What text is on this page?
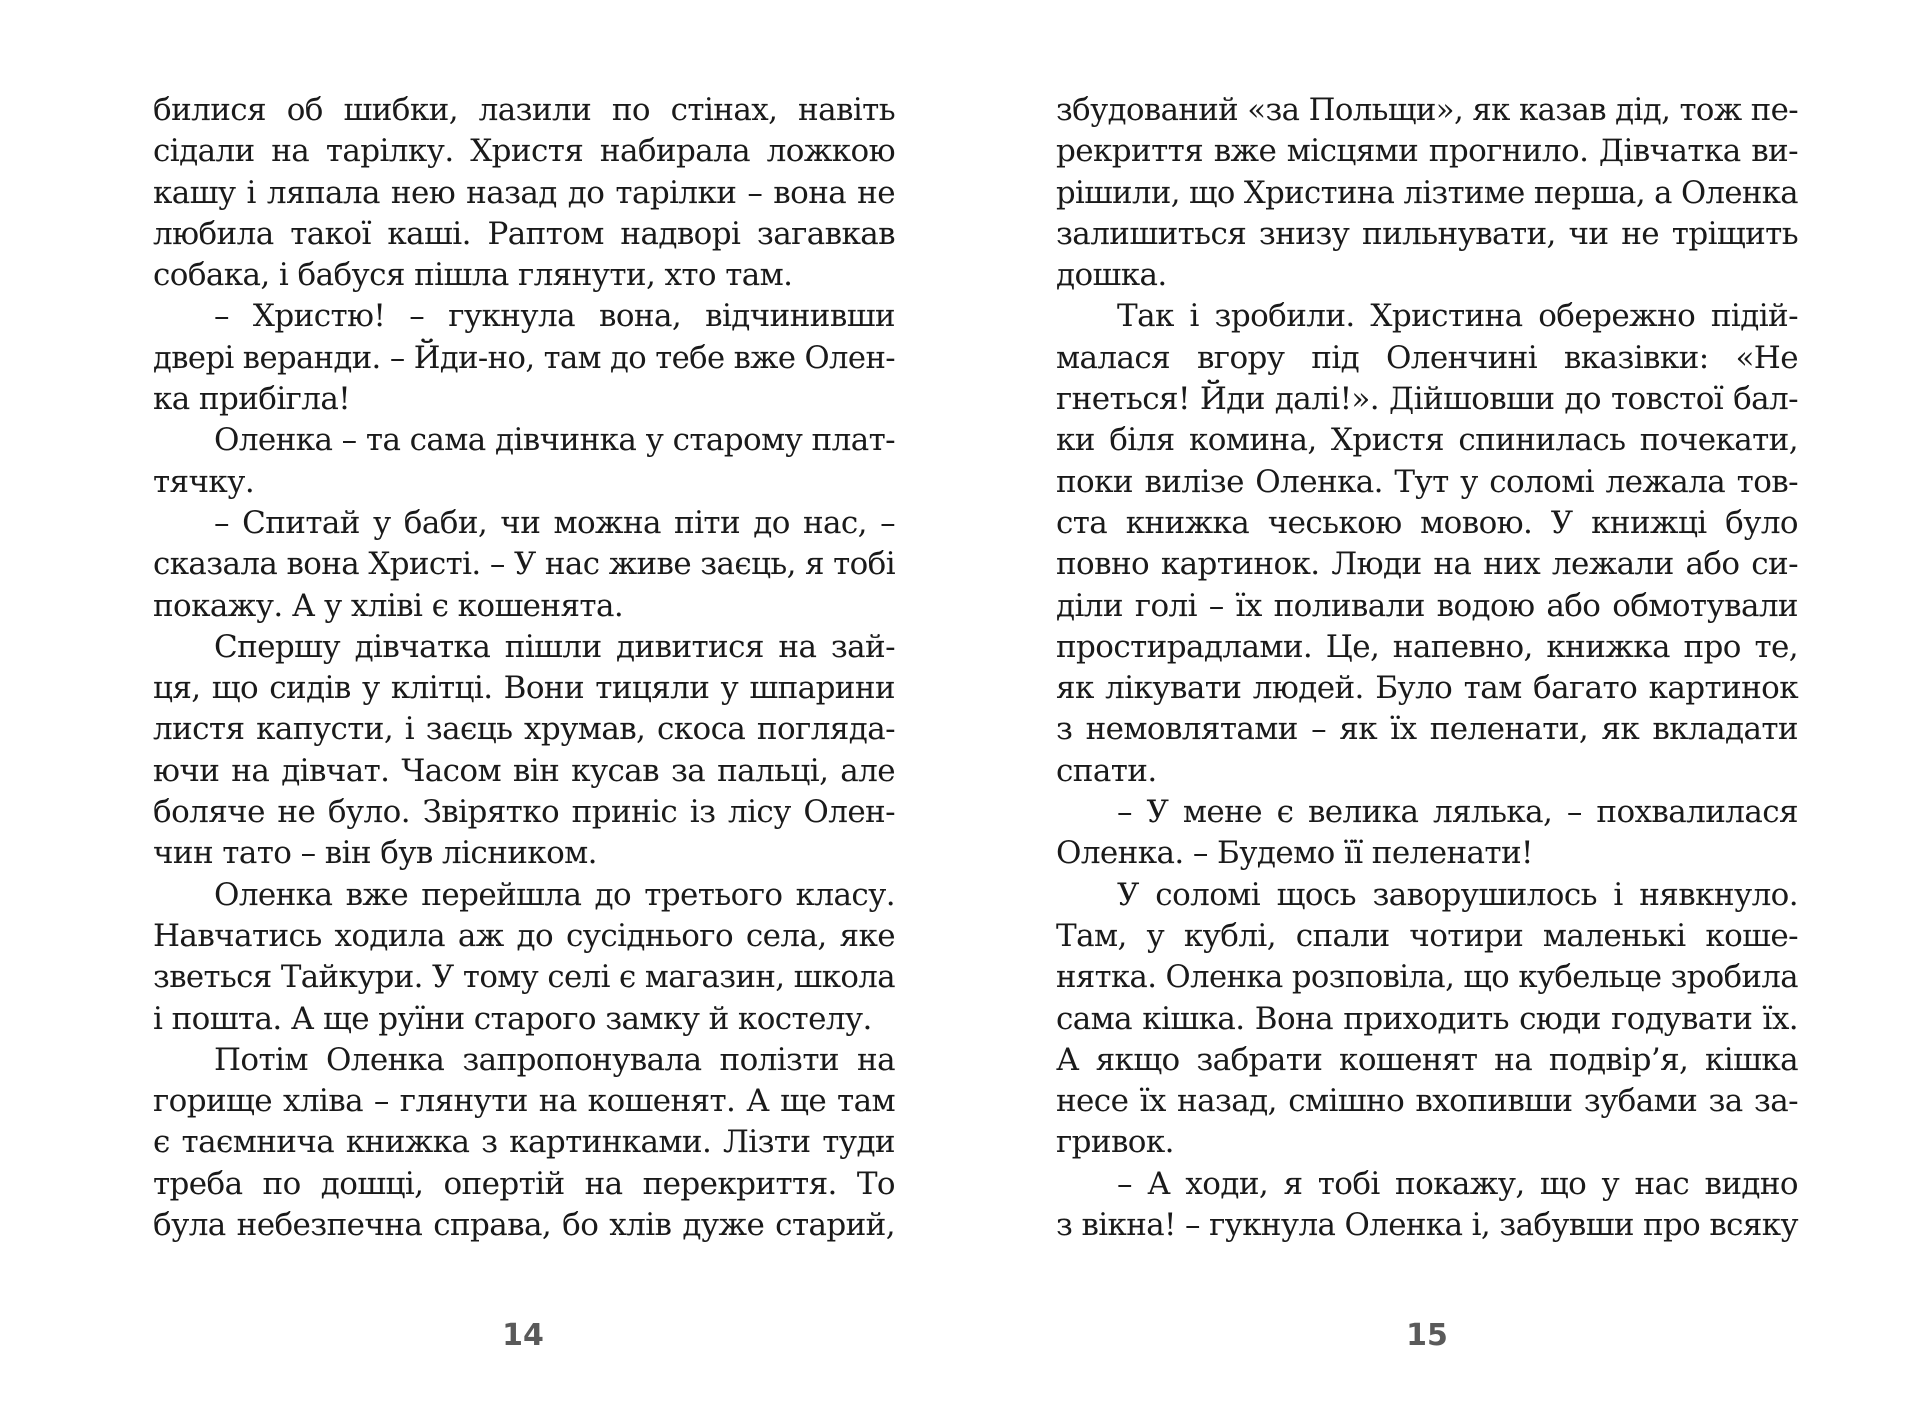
билися об шибки, лазили по стінах, навіть
сідали на тарілку. Христя набирала ложкою
кашу і ляпала нею назад до тарілки – вона не
любила такої каші. Раптом надворі загавкав
собака, і бабуся пішла глянути, хто там.
– Христю! – гукнула вона, відчинивши
двері веранди. – Йди-но, там до тебе вже Олен-
ка прибігла!
Оленка – та сама дівчинка у старому плат-
тячку.
– Спитай у баби, чи можна піти до нас, –
сказала вона Христі. – У нас живе заєць, я тобі
покажу. А у хліві є кошенята.
Спершу дівчатка пішли дивитися на зай-
ця, що сидів у клітці. Вони тицяли у шпарини
листя капусти, і заєць хрумав, скоса погляда-
ючи на дівчат. Часом він кусав за пальці, але
боляче не було. Звірятко приніс із лісу Олен-
чин тато – він був лісником.
Оленка вже перейшла до третього класу.
Навчатись ходила аж до сусіднього села, яке
зветься Тайкури. У тому селі є магазин, школа
і пошта. А ще руїни старого замку й костелу.
Потім Оленка запропонувала полізти на
горище хліва – глянути на кошенят. А ще там
є таємнича книжка з картинками. Лізти туди
треба по дошці, опертій на перекриття. То
була небезпечна справа, бо хлів дуже старий,
14
збудований «за Польщи», як казав дід, тож пе-
рекриття вже місцями прогнило. Дівчатка ви-
рішили, що Христина лізтиме перша, а Оленка
залишиться знизу пильнувати, чи не тріщить
дошка.
Так і зробили. Христина обережно підій-
малася вгору під Оленчині вказівки: «Не
гнеться! Йди далі!». Дійшовши до товстої бал-
ки біля комина, Христя спинилась почекати,
поки вилізе Оленка. Тут у соломі лежала тов-
ста книжка чеською мовою. У книжці було
повно картинок. Люди на них лежали або си-
діли голі – їх поливали водою або обмотували
простирадлами. Це, напевно, книжка про те,
як лікувати людей. Було там багато картинок
з немовлятами – як їх пеленати, як вкладати
спати.
– У мене є велика лялька, – похвалилася
Оленка. – Будемо її пеленати!
У соломі щось заворушилось і нявкнуло.
Там, у кублі, спали чотири маленькі коше-
нятка. Оленка розповіла, що кубельце зробила
сама кішка. Вона приходить сюди годувати їх.
А якщо забрати кошенят на подвір’я, кішка
несе їх назад, смішно вхопивши зубами за за-
гривок.
– А ходи, я тобі покажу, що у нас видно
з вікна! – гукнула Оленка і, забувши про всяку
15
